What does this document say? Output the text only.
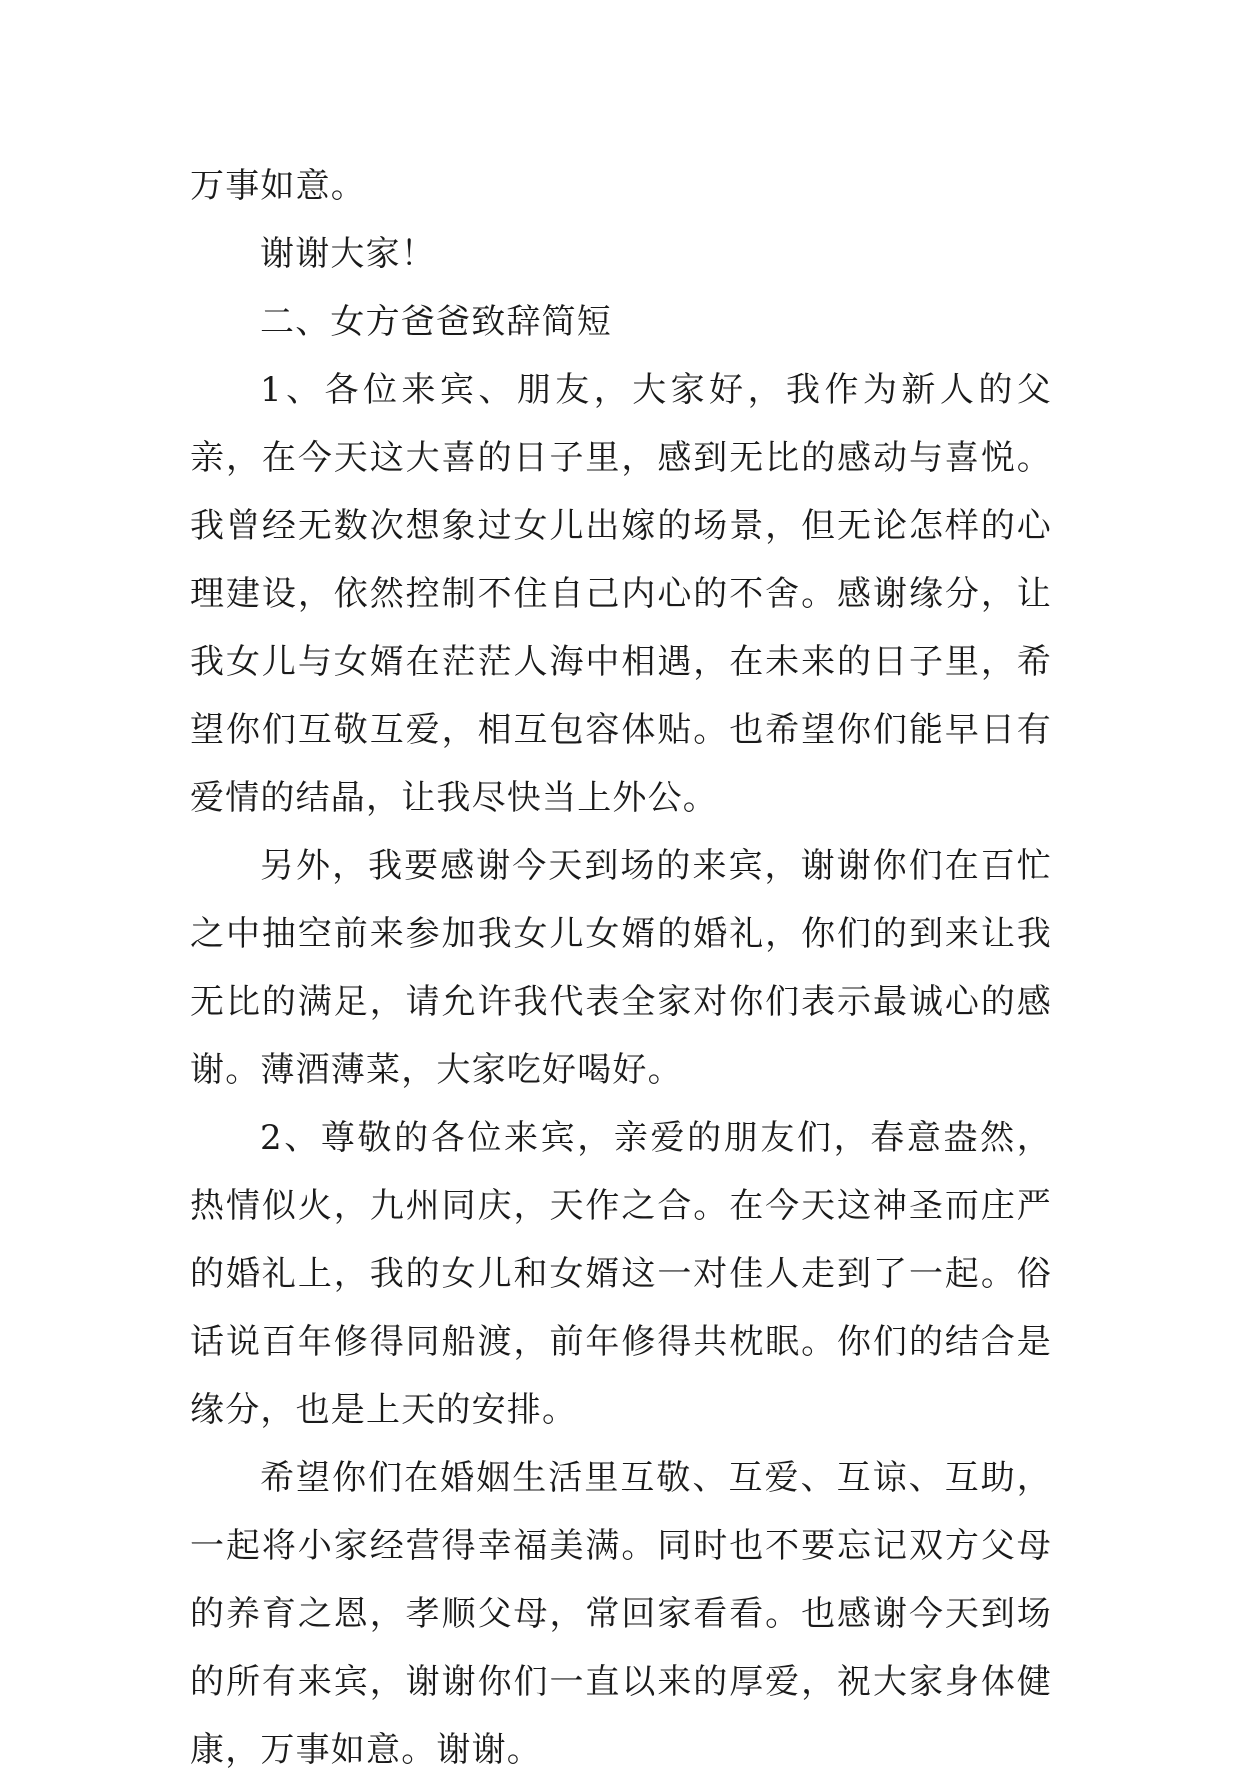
万事如意。

谢谢大家！

二、女方爸爸致辞简短

1、各位来宾、朋友，大家好，我作为新人的父亲，在今天这大喜的日子里，感到无比的感动与喜悦。我曾经无数次想象过女儿出嫁的场景，但无论怎样的心理建设，依然控制不住自己内心的不舍。感谢缘分，让我女儿与女婿在茫茫人海中相遇，在未来的日子里，希望你们互敬互爱，相互包容体贴。也希望你们能早日有爱情的结晶，让我尽快当上外公。

另外，我要感谢今天到场的来宾，谢谢你们在百忙之中抽空前来参加我女儿女婿的婚礼，你们的到来让我无比的满足，请允许我代表全家对你们表示最诚心的感谢。薄酒薄菜，大家吃好喝好。

2、尊敬的各位来宾，亲爱的朋友们，春意盎然，热情似火，九州同庆，天作之合。在今天这神圣而庄严的婚礼上，我的女儿和女婿这一对佳人走到了一起。俗话说百年修得同船渡，前年修得共枕眠。你们的结合是缘分，也是上天的安排。

希望你们在婚姻生活里互敬、互爱、互谅、互助，一起将小家经营得幸福美满。同时也不要忘记双方父母的养育之恩，孝顺父母，常回家看看。也感谢今天到场的所有来宾，谢谢你们一直以来的厚爱，祝大家身体健康，万事如意。谢谢。
